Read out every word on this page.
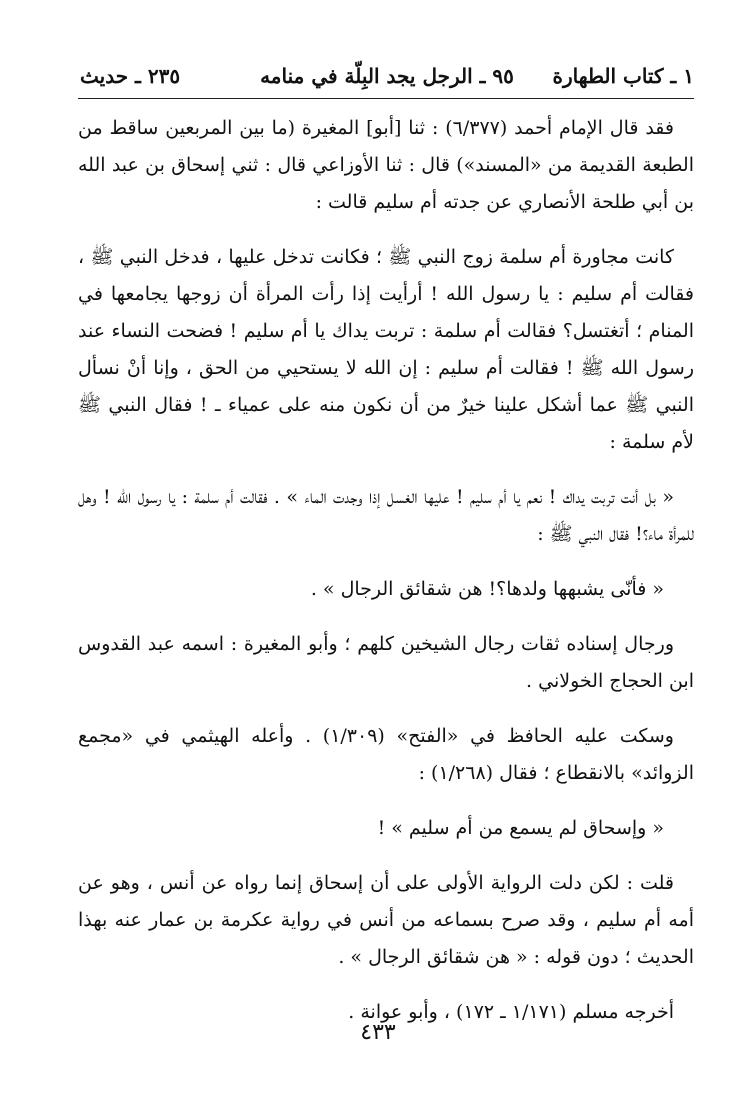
١ ـ كتاب الطهارة
٩٥ ـ الرجل يجد البِلّة في منامه
٢٣٥ ـ حديث

فقد قال الإمام أحمد (٦/٣٧٧) : ثنا [أبو] المغيرة (ما بين المربعين ساقط من الطبعة القديمة من «المسند») قال : ثنا الأوزاعي قال : ثني إسحاق بن عبد الله بن أبي طلحة الأنصاري عن جدته أم سليم قالت :

كانت مجاورة أم سلمة زوج النبي ﷺ ؛ فكانت تدخل عليها ، فدخل النبي ﷺ ، فقالت أم سليم : يا رسول الله ! أرأيت إذا رأت المرأة أن زوجها يجامعها في المنام ؛ أتغتسل؟ فقالت أم سلمة : تربت يداك يا أم سليم ! فضحت النساء عند رسول الله ﷺ ! فقالت أم سليم : إن الله لا يستحيي من الحق ، وإنا أنْ نسأل النبي ﷺ عما أشكل علينا خيرٌ من أن نكون منه على عمياء ـ ! فقال النبي ﷺ لأم سلمة :

« بل أنت تربت يداك ! نعم يا أم سليم ! عليها الغسل إذا وجدت الماء » . فقالت أم سلمة : يا رسول الله ! وهل للمرأة ماء؟! فقال النبي ﷺ :

« فأنّى يشبهها ولدها؟! هن شقائق الرجال » .

ورجال إسناده ثقات رجال الشيخين كلهم ؛ وأبو المغيرة : اسمه عبد القدوس ابن الحجاج الخولاني .

وسكت عليه الحافظ في «الفتح» (١/٣٠٩) . وأعله الهيثمي في «مجمع الزوائد» بالانقطاع ؛ فقال (١/٢٦٨) :

« وإسحاق لم يسمع من أم سليم » !

قلت : لكن دلت الرواية الأولى على أن إسحاق إنما رواه عن أنس ، وهو عن أمه أم سليم ، وقد صرح بسماعه من أنس في رواية عكرمة بن عمار عنه بهذا الحديث ؛ دون قوله : « هن شقائق الرجال » .

أخرجه مسلم (١/١٧١ ـ ١٧٢) ، وأبو عوانة .

٤٣٣
